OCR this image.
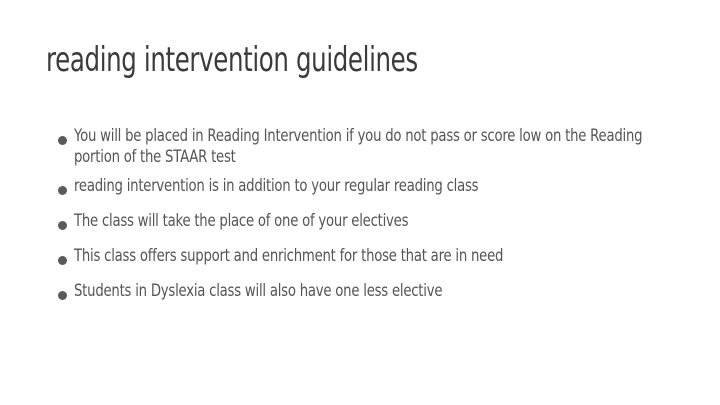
reading intervention guidelines
You will be placed in Reading Intervention if you do not pass or score low on the Reading portion of the STAAR test
reading intervention is in addition to your regular reading class
The class will take the place of one of your electives
This class offers support and enrichment for those that are in need
Students in Dyslexia class will also have one less elective
